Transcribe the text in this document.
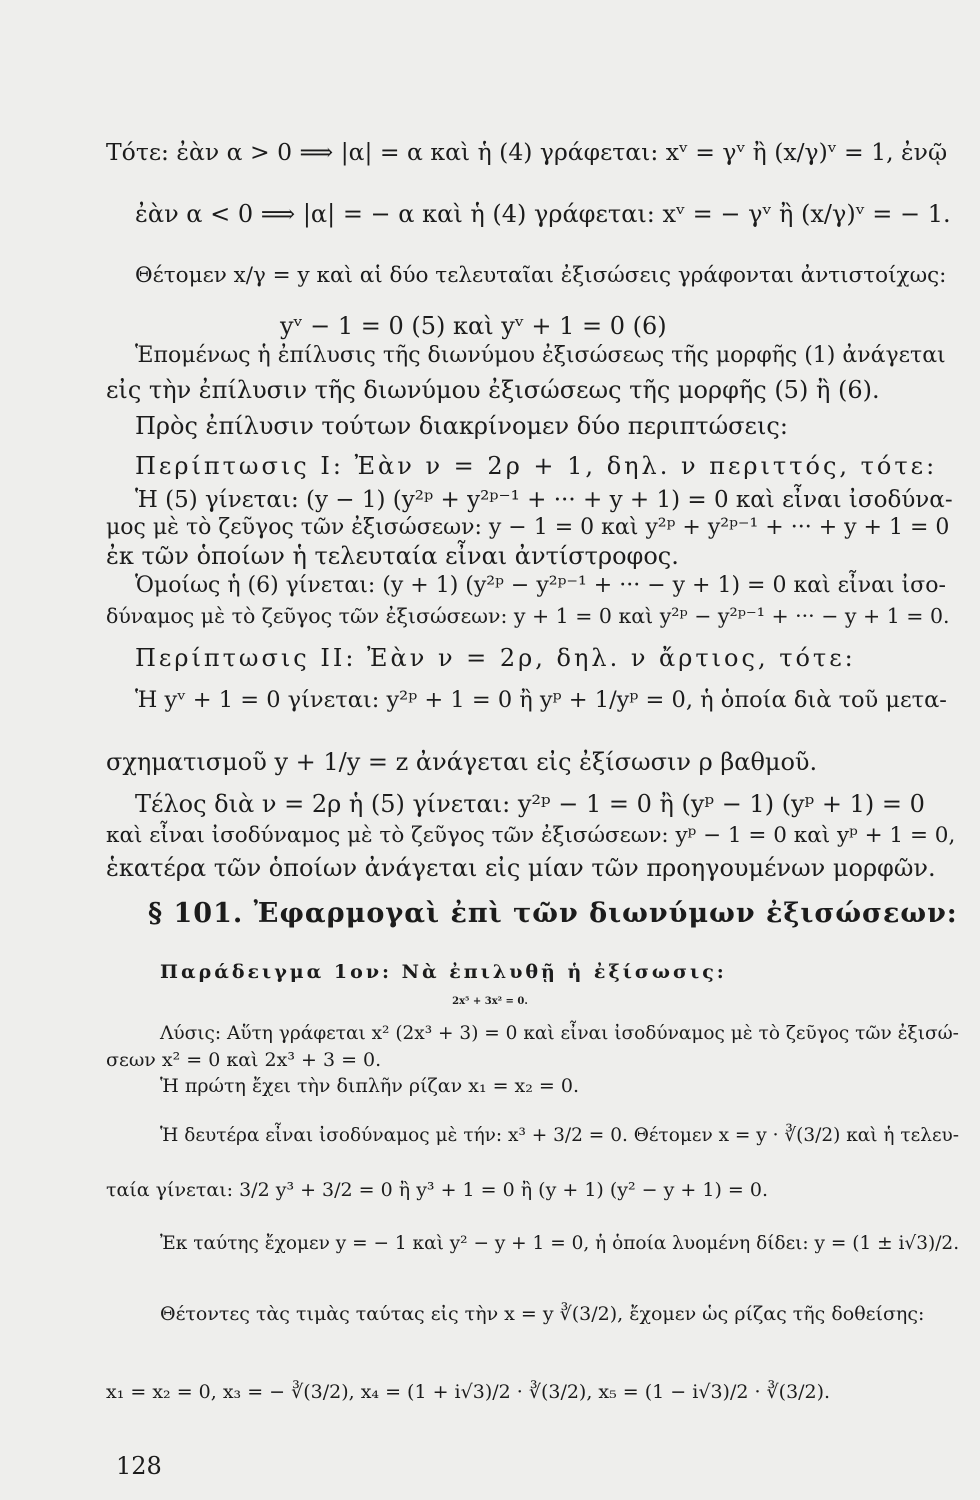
Τότε: ἐὰν α > 0 ⟹ |α| = α καὶ ἡ (4) γράφεται: xᵛ = γᵛ ἢ (x/γ)ᵛ = 1, ἐνῷ
ἐὰν α < 0 ⟹ |α| = − α καὶ ἡ (4) γράφεται: xᵛ = − γᵛ ἢ (x/γ)ᵛ = − 1.
Θέτομεν x/γ = y καὶ αἱ δύο τελευταῖαι ἐξισώσεις γράφονται ἀντιστοίχως:
yᵛ − 1 = 0 (5) καὶ yᵛ + 1 = 0 (6)
Ἑπομένως ἡ ἐπίλυσις τῆς διωνύμου ἐξισώσεως τῆς μορφῆς (1) ἀνάγεται
εἰς τὴν ἐπίλυσιν τῆς διωνύμου ἐξισώσεως τῆς μορφῆς (5) ἢ (6).
Πρὸς ἐπίλυσιν τούτων διακρίνομεν δύο περιπτώσεις:
Περίπτωσις I: Ἐὰν ν = 2ρ + 1, δηλ. ν περιττός, τότε:
Ἡ (5) γίνεται: (y − 1) (y²ᵖ + y²ᵖ⁻¹ + ··· + y + 1) = 0 καὶ εἶναι ἰσοδύνα-
μος μὲ τὸ ζεῦγος τῶν ἐξισώσεων: y − 1 = 0 καὶ y²ᵖ + y²ᵖ⁻¹ + ··· + y + 1 = 0
ἐκ τῶν ὁποίων ἡ τελευταία εἶναι ἀντίστροφος.
Ὁμοίως ἡ (6) γίνεται: (y + 1) (y²ᵖ − y²ᵖ⁻¹ + ··· − y + 1) = 0 καὶ εἶναι ἰσο-
δύναμος μὲ τὸ ζεῦγος τῶν ἐξισώσεων: y + 1 = 0 καὶ y²ᵖ − y²ᵖ⁻¹ + ··· − y + 1 = 0.
Περίπτωσις II: Ἐὰν ν = 2ρ, δηλ. ν ἄρτιος, τότε:
Ἡ yᵛ + 1 = 0 γίνεται: y²ᵖ + 1 = 0 ἢ yᵖ + 1/yᵖ = 0, ἡ ὁποία διὰ τοῦ μετα-
σχηματισμοῦ y + 1/y = z ἀνάγεται εἰς ἐξίσωσιν ρ βαθμοῦ.
Τέλος διὰ ν = 2ρ ἡ (5) γίνεται: y²ᵖ − 1 = 0 ἢ (yᵖ − 1) (yᵖ + 1) = 0
καὶ εἶναι ἰσοδύναμος μὲ τὸ ζεῦγος τῶν ἐξισώσεων: yᵖ − 1 = 0 καὶ yᵖ + 1 = 0,
ἑκατέρα τῶν ὁποίων ἀνάγεται εἰς μίαν τῶν προηγουμένων μορφῶν.
§ 101. Ἐφαρμογαὶ ἐπὶ τῶν διωνύμων ἐξισώσεων:
Παράδειγμα 1ον: Νὰ ἐπιλυθῇ ἡ ἐξίσωσις:
2x⁵ + 3x² = 0.
Λύσις: Αὕτη γράφεται x² (2x³ + 3) = 0 καὶ εἶναι ἰσοδύναμος μὲ τὸ ζεῦγος τῶν ἐξισώ-
σεων x² = 0 καὶ 2x³ + 3 = 0.
Ἡ πρώτη ἔχει τὴν διπλῆν ρίζαν x₁ = x₂ = 0.
Ἡ δευτέρα εἶναι ἰσοδύναμος μὲ τήν: x³ + 3/2 = 0. Θέτομεν x = y · ∛(3/2) καὶ ἡ τελευ-
ταία γίνεται: 3/2 y³ + 3/2 = 0 ἢ y³ + 1 = 0 ἢ (y + 1) (y² − y + 1) = 0.
Ἐκ ταύτης ἔχομεν y = − 1 καὶ y² − y + 1 = 0, ἡ ὁποία λυομένη δίδει: y = (1 ± i√3)/2.
Θέτοντες τὰς τιμὰς ταύτας εἰς τὴν x = y ∛(3/2), ἔχομεν ὡς ρίζας τῆς δοθείσης:
x₁ = x₂ = 0, x₃ = − ∛(3/2), x₄ = (1 + i√3)/2 · ∛(3/2), x₅ = (1 − i√3)/2 · ∛(3/2).
128
